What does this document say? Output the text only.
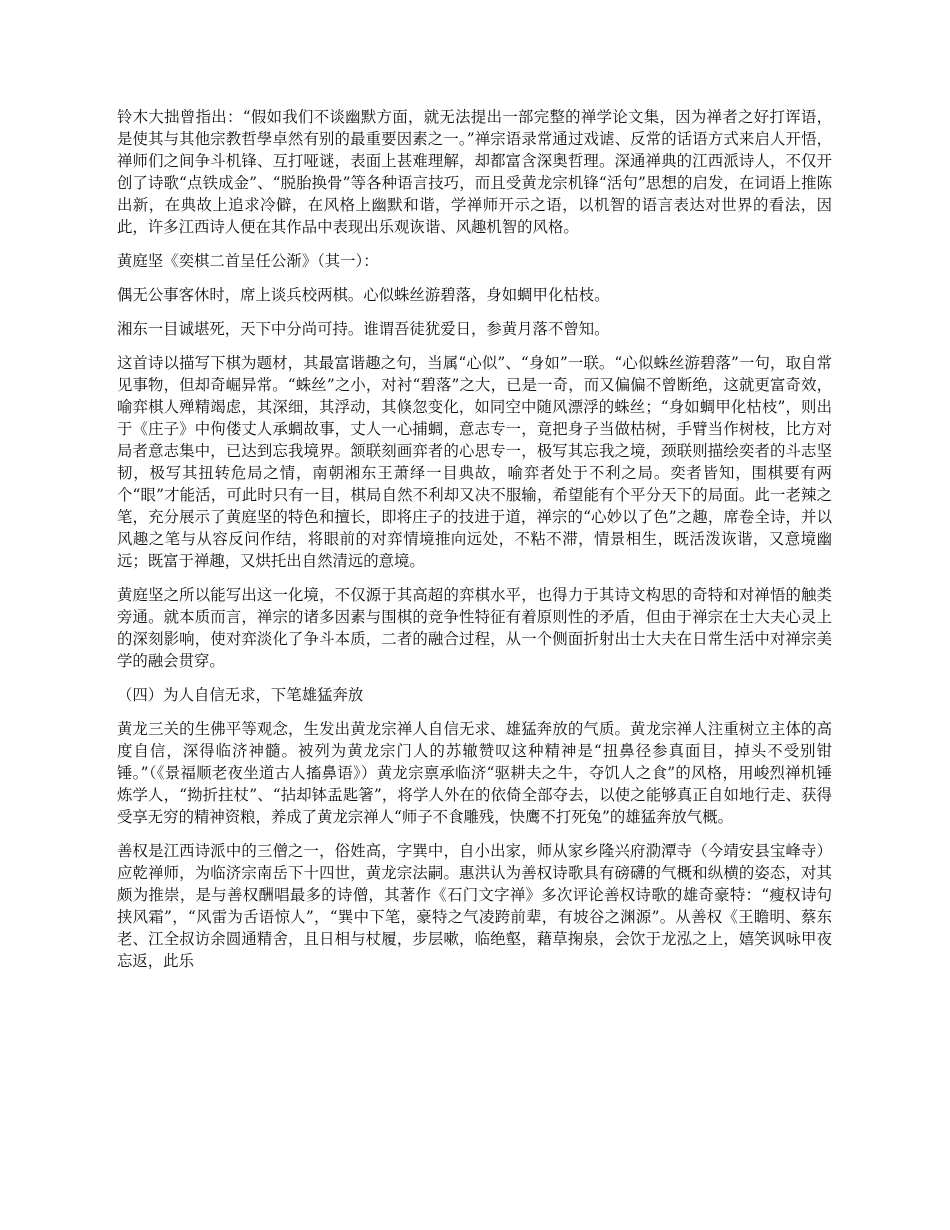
铃木大拙曾指出：“假如我们不谈幽默方面，就无法提出一部完整的禅学论文集，因为禅者之好打诨语，是使其与其他宗教哲學卓然有别的最重要因素之一。”禅宗语录常通过戏谑、反常的话语方式来启人开悟，禅师们之间争斗机锋、互打哑谜，表面上甚难理解，却都富含深奥哲理。深通禅典的江西派诗人，不仅开创了诗歌“点铁成金”、“脱胎换骨”等各种语言技巧，而且受黄龙宗机锋“活句”思想的启发，在词语上推陈出新，在典故上追求冷僻，在风格上幽默和谐，学禅师开示之语，以机智的语言表达对世界的看法，因此，许多江西诗人便在其作品中表现出乐观诙谐、风趣机智的风格。

黄庭坚《奕棋二首呈任公渐》（其一）：

偶无公事客休时，席上谈兵校两棋。心似蛛丝游碧落，身如蜩甲化枯枝。

湘东一目诚堪死，天下中分尚可持。谁谓吾徒犹爱日，参黄月落不曾知。

这首诗以描写下棋为题材，其最富谐趣之句，当属“心似”、“身如”一联。“心似蛛丝游碧落”一句，取自常见事物，但却奇崛异常。“蛛丝”之小，对衬“碧落”之大，已是一奇，而又偏偏不曾断绝，这就更富奇效，喻弈棋人殚精竭虑，其深细，其浮动，其倏忽变化，如同空中随风漂浮的蛛丝；“身如蜩甲化枯枝”，则出于《庄子》中佝偻丈人承蜩故事，丈人一心捕蜩，意志专一，竟把身子当做枯树，手臂当作树枝，比方对局者意志集中，已达到忘我境界。颔联刻画弈者的心思专一，极写其忘我之境，颈联则描绘奕者的斗志坚韧，极写其扭转危局之情，南朝湘东王萧绎一目典故，喻弈者处于不利之局。奕者皆知，围棋要有两个“眼”才能活，可此时只有一目，棋局自然不利却又决不服输，希望能有个平分天下的局面。此一老辣之笔，充分展示了黄庭坚的特色和擅长，即将庄子的技进于道，禅宗的“心妙以了色”之趣，席卷全诗，并以风趣之笔与从容反问作结，将眼前的对弈情境推向远处，不粘不滞，情景相生，既活泼诙谐，又意境幽远；既富于禅趣，又烘托出自然清远的意境。

黄庭坚之所以能写出这一化境，不仅源于其高超的弈棋水平，也得力于其诗文构思的奇特和对禅悟的触类旁通。就本质而言，禅宗的诸多因素与围棋的竞争性特征有着原则性的矛盾，但由于禅宗在士大夫心灵上的深刻影响，使对弈淡化了争斗本质，二者的融合过程，从一个侧面折射出士大夫在日常生活中对禅宗美学的融会贯穿。

（四）为人自信无求，下笔雄猛奔放

黄龙三关的生佛平等观念，生发出黄龙宗禅人自信无求、雄猛奔放的气质。黄龙宗禅人注重树立主体的高度自信，深得临济神髓。被列为黄龙宗门人的苏辙赞叹这种精神是“扭鼻径参真面目，掉头不受别钳锤。”（《景福顺老夜坐道古人搐鼻语》）黄龙宗禀承临济“驱耕夫之牛，夺饥人之食”的风格，用峻烈禅机锤炼学人，“拗折拄杖”、“拈却钵盂匙箸”，将学人外在的依倚全部夺去，以使之能够真正自如地行走、获得受享无穷的精神资粮，养成了黄龙宗禅人“师子不食雕残，快鹰不打死兔”的雄猛奔放气概。

善权是江西诗派中的三僧之一，俗姓高，字巽中，自小出家，师从家乡隆兴府泐潭寺（今靖安县宝峰寺）应乾禅师，为临济宗南岳下十四世，黄龙宗法嗣。惠洪认为善权诗歌具有磅礴的气概和纵横的姿态，对其颇为推崇，是与善权酬唱最多的诗僧，其著作《石门文字禅》多次评论善权诗歌的雄奇豪特：“瘦权诗句挟风霜”，“风雷为舌语惊人”，“巽中下笔，豪特之气凌跨前辈，有坡谷之渊源”。从善权《王瞻明、蔡东老、江全叔访余圆通精舍，且日相与杖履，步层嗽，临绝壑，藉草掬泉，会饮于龙泓之上，嬉笑讽咏甲夜忘返，此乐
